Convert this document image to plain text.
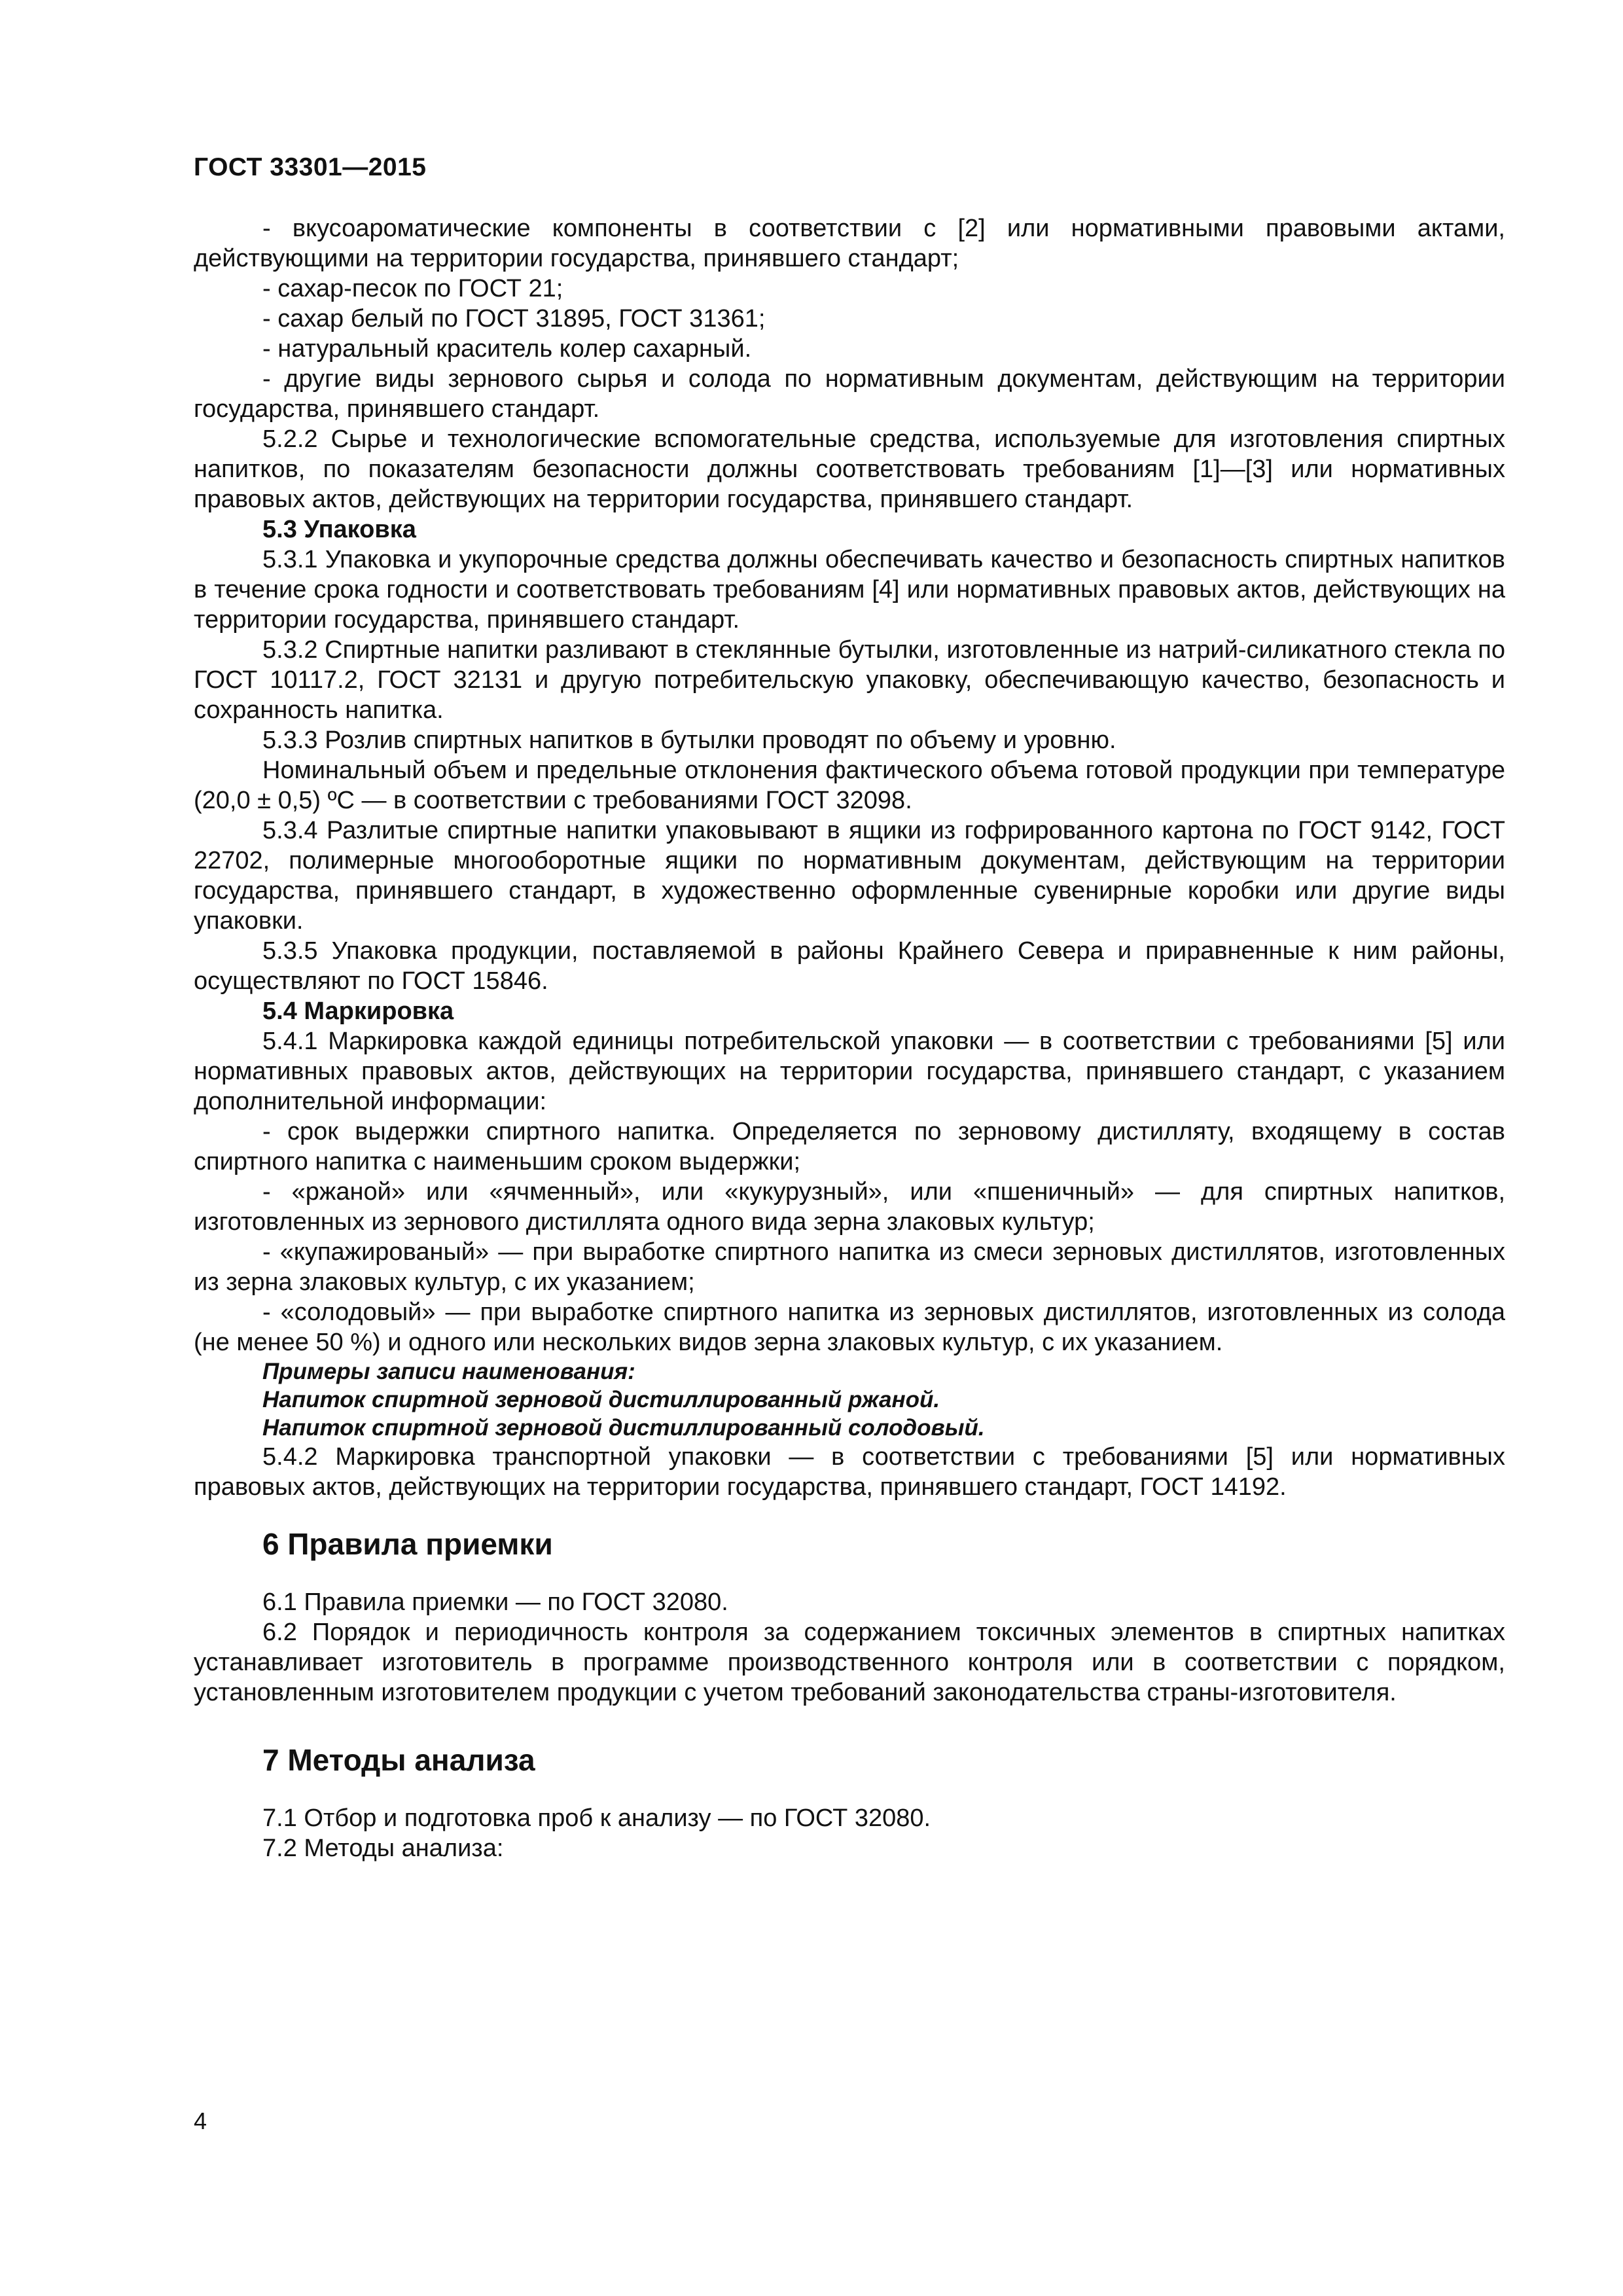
ГОСТ 33301—2015

- вкусоароматические компоненты в соответствии с [2] или нормативными правовыми актами, действующими на территории государства, принявшего стандарт;

- сахар-песок по ГОСТ 21;

- сахар белый по ГОСТ 31895, ГОСТ 31361;

- натуральный краситель колер сахарный.

- другие виды зернового сырья и солода по нормативным документам, действующим на территории государства, принявшего стандарт.

5.2.2 Сырье и технологические вспомогательные средства, используемые для изготовления спиртных напитков, по показателям безопасности должны соответствовать требованиям [1]—[3] или нормативных правовых актов, действующих на территории государства, принявшего стандарт.

5.3 Упаковка

5.3.1 Упаковка и укупорочные средства должны обеспечивать качество и безопасность спиртных напитков в течение срока годности и соответствовать требованиям [4] или нормативных правовых актов, действующих на территории государства, принявшего стандарт.

5.3.2 Спиртные напитки разливают в стеклянные бутылки, изготовленные из натрий-силикатного стекла по ГОСТ 10117.2, ГОСТ 32131 и другую потребительскую упаковку, обеспечивающую качество, безопасность и сохранность напитка.

5.3.3 Розлив спиртных напитков в бутылки проводят по объему и уровню.

Номинальный объем и предельные отклонения фактического объема готовой продукции при температуре (20,0 ± 0,5) ºС — в соответствии с требованиями ГОСТ 32098.

5.3.4 Разлитые спиртные напитки упаковывают в ящики из гофрированного картона по ГОСТ 9142, ГОСТ 22702, полимерные многооборотные ящики по нормативным документам, действующим на территории государства, принявшего стандарт, в художественно оформленные сувенирные коробки или другие виды упаковки.

5.3.5 Упаковка продукции, поставляемой в районы Крайнего Севера и приравненные к ним районы, осуществляют по ГОСТ 15846.

5.4 Маркировка

5.4.1 Маркировка каждой единицы потребительской упаковки — в соответствии с требованиями [5] или нормативных правовых актов, действующих на территории государства, принявшего стандарт, с указанием дополнительной информации:

- срок выдержки спиртного напитка. Определяется по зерновому дистилляту, входящему в состав спиртного напитка с наименьшим сроком выдержки;

- «ржаной» или «ячменный», или «кукурузный», или «пшеничный» — для спиртных напитков, изготовленных из зернового дистиллята одного вида зерна злаковых культур;

- «купажированый» — при выработке спиртного напитка из смеси зерновых дистиллятов, изготовленных из зерна злаковых культур, с их указанием;

- «солодовый» — при выработке спиртного напитка из зерновых дистиллятов, изготовленных из солода (не менее 50 %) и одного или нескольких видов зерна злаковых культур, с их указанием.

Примеры записи наименования:

Напиток спиртной зерновой дистиллированный ржаной.

Напиток спиртной зерновой дистиллированный солодовый.

5.4.2 Маркировка транспортной упаковки — в соответствии с требованиями [5] или нормативных правовых актов, действующих на территории государства, принявшего стандарт, ГОСТ 14192.

6 Правила приемки

6.1 Правила приемки — по ГОСТ 32080.

6.2 Порядок и периодичность контроля за содержанием токсичных элементов в спиртных напитках устанавливает изготовитель в программе производственного контроля или в соответствии с порядком, установленным изготовителем продукции с учетом требований законодательства страны-изготовителя.

7 Методы анализа

7.1 Отбор и подготовка проб к анализу — по ГОСТ 32080.

7.2 Методы анализа:

4
